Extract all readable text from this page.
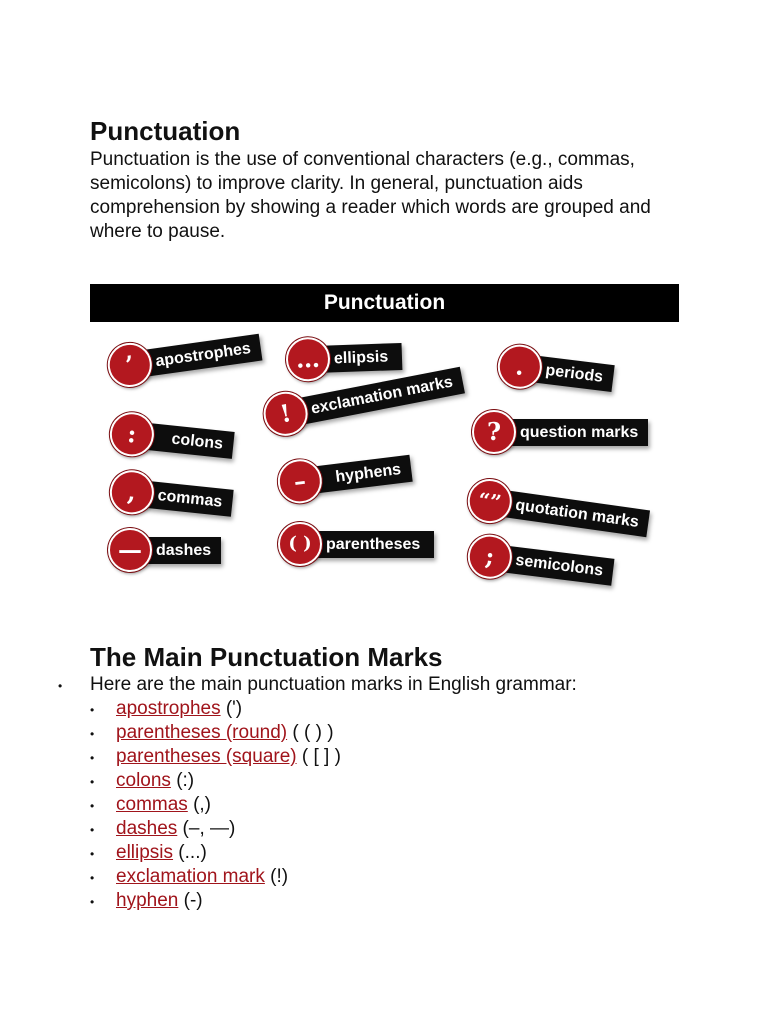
Punctuation

Punctuation is the use of conventional characters (e.g., commas, semicolons) to improve clarity. In general, punctuation aids comprehension by showing a reader which words are grouped and where to pause.

Punctuation
’	apostrophes	… ellipsis	.	periods
:	colons
!	exclamation marks
?	question marks
,	commas
–	hyphens
“” quotation marks
— dashes	( ) parentheses	;	semicolons
The Main Punctuation Marks
• Here are the main punctuation marks in English grammar:
• apostrophes (')
• parentheses (round) ( ( ) )
• parentheses (square) ( [ ] )
• colons (:)
• commas (,)
• dashes (–, —)
• ellipsis (...)
• exclamation mark (!)
• hyphen (-)
